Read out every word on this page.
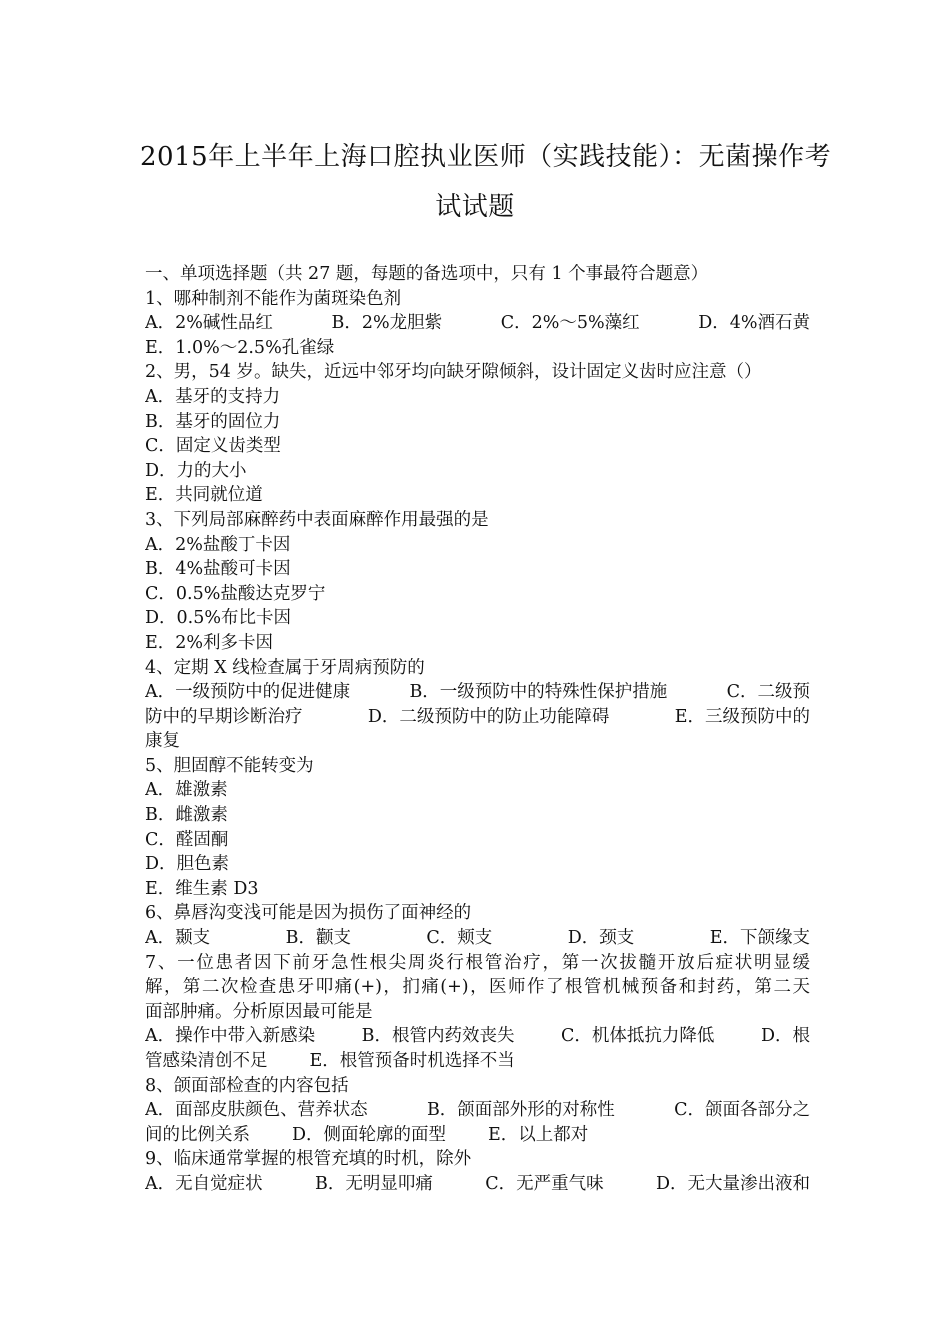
2015年上半年上海口腔执业医师（实践技能）：无菌操作考
试试题
一、单项选择题（共 27 题，每题的备选项中，只有 1 个事最符合题意）
1、哪种制剂不能作为菌斑染色剂
A．2%碱性品红	B．2%龙胆紫	C．2%～5%藻红	D．4%酒石黄
E．1.0%～2.5%孔雀绿
2、男，54 岁。缺失，近远中邻牙均向缺牙隙倾斜，设计固定义齿时应注意（）
A．基牙的支持力
B．基牙的固位力
C．固定义齿类型
D．力的大小
E．共同就位道
3、下列局部麻醉药中表面麻醉作用最强的是
A．2%盐酸丁卡因
B．4%盐酸可卡因
C．0.5%盐酸达克罗宁
D．0.5%布比卡因
E．2%利多卡因
4、定期 X 线检查属于牙周病预防的
A．一级预防中的促进健康	B．一级预防中的特殊性保护措施	C．二级预
防中的早期诊断治疗	D．二级预防中的防止功能障碍	E．三级预防中的
康复
5、胆固醇不能转变为
A．雄激素
B．雌激素
C．醛固酮
D．胆色素
E．维生素 D3
6、鼻唇沟变浅可能是因为损伤了面神经的
A．颞支	B．颧支	C．颊支	D．颈支	E．下颌缘支
7、一位患者因下前牙急性根尖周炎行根管治疗，第一次拔髓开放后症状明显缓
解，第二次检查患牙叩痛(+)，扪痛(+)，医师作了根管机械预备和封药，第二天
面部肿痛。分析原因最可能是
A．操作中带入新感染	B．根管内药效丧失	C．机体抵抗力降低	D．根
管感染清创不足 E．根管预备时机选择不当
8、颌面部检查的内容包括
A．面部皮肤颜色、营养状态	B．颌面部外形的对称性	C．颌面各部分之
间的比例关系 D．侧面轮廓的面型 E．以上都对
9、临床通常掌握的根管充填的时机，除外
A．无自觉症状	B．无明显叩痛	C．无严重气味	D．无大量渗出液和
